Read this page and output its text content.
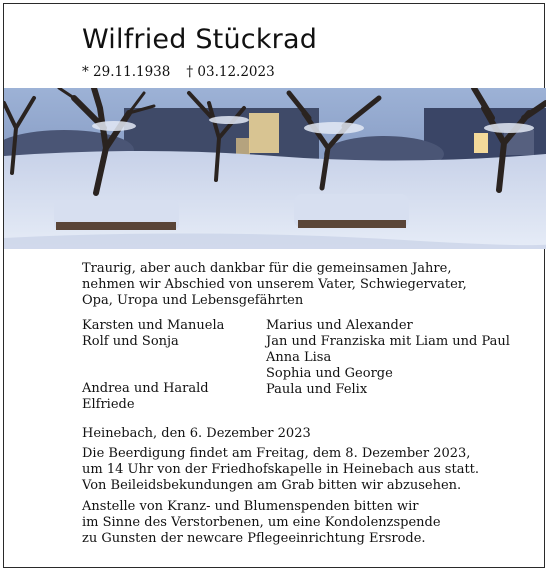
Wilfried Stückrad
* 29.11.1938 † 03.12.2023
Traurig, aber auch dankbar für die gemeinsamen Jahre,
nehmen wir Abschied von unserem Vater, Schwiegervater,
Opa, Uropa und Lebensgefährten
Karsten und Manuela
Rolf und Sonja
Marius und Alexander
Jan und Franziska mit Liam und Paul
Anna Lisa
Sophia und George
Paula und Felix
Andrea und Harald
Elfriede
Heinebach, den 6. Dezember 2023
Die Beerdigung findet am Freitag, dem 8. Dezember 2023,
um 14 Uhr von der Friedhofskapelle in Heinebach aus statt.
Von Beileidsbekundungen am Grab bitten wir abzusehen.
Anstelle von Kranz- und Blumenspenden bitten wir
im Sinne des Verstorbenen, um eine Kondolenzspende
zu Gunsten der newcare Pflegeeinrichtung Ersrode.
